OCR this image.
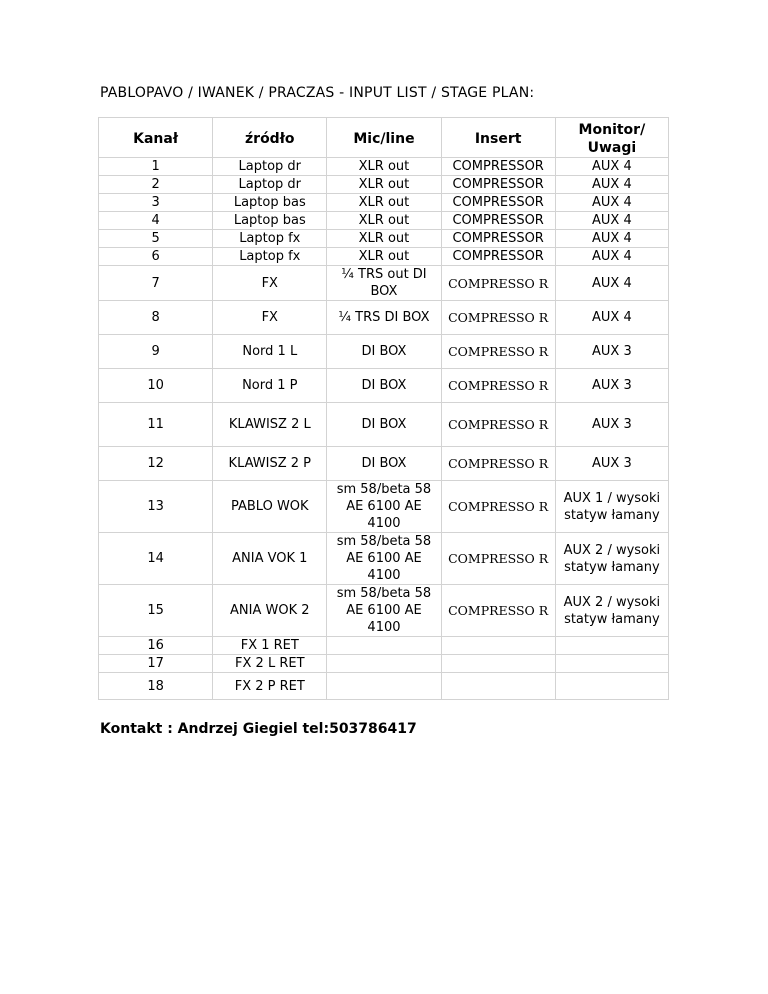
PABLOPAVO / IWANEK / PRACZAS - INPUT LIST / STAGE PLAN:
Kanał	źródło	Mic/line	Insert	Monitor/ Uwagi
1	Laptop dr	XLR out	COMPRESSOR	AUX 4
2	Laptop dr	XLR out	COMPRESSOR	AUX 4
3	Laptop bas	XLR out	COMPRESSOR	AUX 4
4	Laptop bas	XLR out	COMPRESSOR	AUX 4
5	Laptop fx	XLR out	COMPRESSOR	AUX 4
6	Laptop fx	XLR out	COMPRESSOR	AUX 4
7	FX	¼ TRS out DI BOX	COMPRESSO R	AUX 4
8	FX	¼ TRS DI BOX	COMPRESSO R	AUX 4
9	Nord 1 L	DI BOX	COMPRESSO R	AUX 3
10	Nord 1 P	DI BOX	COMPRESSO R	AUX 3
11	KLAWISZ 2 L	DI BOX	COMPRESSO R	AUX 3
12	KLAWISZ 2 P	DI BOX	COMPRESSO R	AUX 3
13	PABLO WOK	sm 58/beta 58 AE 6100 AE 4100	COMPRESSO R	AUX 1 / wysoki statyw łamany
14	ANIA VOK 1	sm 58/beta 58 AE 6100 AE 4100	COMPRESSO R	AUX 2 / wysoki statyw łamany
15	ANIA WOK 2	sm 58/beta 58 AE 6100 AE 4100	COMPRESSO R	AUX 2 / wysoki statyw łamany
16	FX 1 RET			
17	FX 2 L RET			
18	FX 2 P RET			
Kontakt : Andrzej Giegiel tel:503786417
